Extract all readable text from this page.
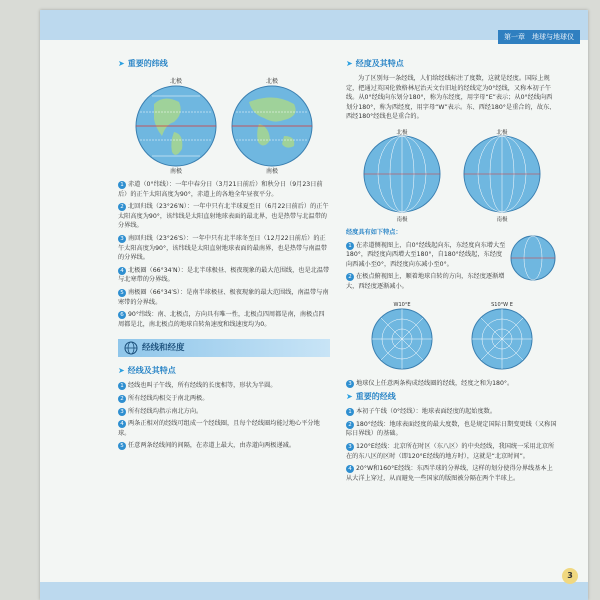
第一章　地球与地球仪
➤ 重要的纬线
北极	北极
南极	南极

1 赤道（0°纬线）：一年中春分日（3月21日前后）和秋分日（9月23日前后）的正午太阳高度为90°，赤道上的各地全年昼夜平分。

2 北回归线（23°26′N）：一年中只有北半球夏至日（6月22日前后）的正午太阳高度为90°，该纬线是太阳直射地球表面的最北界，也是热带与北温带的分界线。

3 南回归线（23°26′S）：一年中只有北半球冬至日（12月22日前后）的正午太阳高度为90°，该纬线是太阳直射地球表面的最南界，也是热带与南温带的分界线。

4 北极圈（66°34′N）：是北半球极昼、极夜现象的最大范围线，也是北温带与北寒带的分界线。

5 南极圈（66°34′S）：是南半球极昼、极夜现象的最大范围线，南温带与南寒带的分界线。

6 90°纬线：南、北极点，方向具有唯一性，北极点四周都是南，南极点四周都是北，南北极点的地球自转角速度和线速度均为0。

经线和经度
➤ 经线及其特点

1 经线也叫子午线，所有经线的长度相等，形状为半圆。

2 所有经线均相交于南北两极。

3 所有经线均指示南北方向。

4 两条正相对的经线可组成一个经线圈，且每个经线圈均能过地心平分地球。

5 任意两条经线间的间隔，在赤道上最大，由赤道向两极递减。

➤ 经度及其特点

为了区别每一条经线，人们给经线标注了度数，这就是经度。国际上规定，把通过英国伦敦格林尼治天文台旧址的经线定为0°经线，又称本初子午线。从0°经线向东划分180°，称为东经度，用字母“E”表示；从0°经线向西划分180°，称为西经度，用字母“W”表示。东、西经180°是重合的，故东、西经180°经线也是重合的。

北极
南极
北极
南极

经度具有如下特点：

1 在赤道侧视图上，自0°经线起向东，东经度向东增大至180°，西经度向西增大至180°，自180°经线起，东经度向西减小至0°，西经度向东减小至0°。

2 在极点俯视图上，顺着地球自转的方向，东经度逐渐增大，西经度逐渐减小。

W10°E	S10°W E

3 地球仪上任意两条构成经线圈的经线，经度之和为180°。

➤ 重要的经线

1 本初子午线（0°经线）：地球表面经度的起始度数。

2 180°经线：地球表面经度的最大度数，也是规定国际日期变更线（又称国际日界线）的基础。

3 120°E经线：北京所在时区（东八区）的中央经线，我国统一采用北京所在的东八区的区时（即120°E经线的地方时），这就是“北京时间”。

4 20°W和160°E经线：东西半球的分界线，这样的划分使得分界线基本上从大洋上穿过，从而避免一些国家的版图被分隔在两个半球上。

3
